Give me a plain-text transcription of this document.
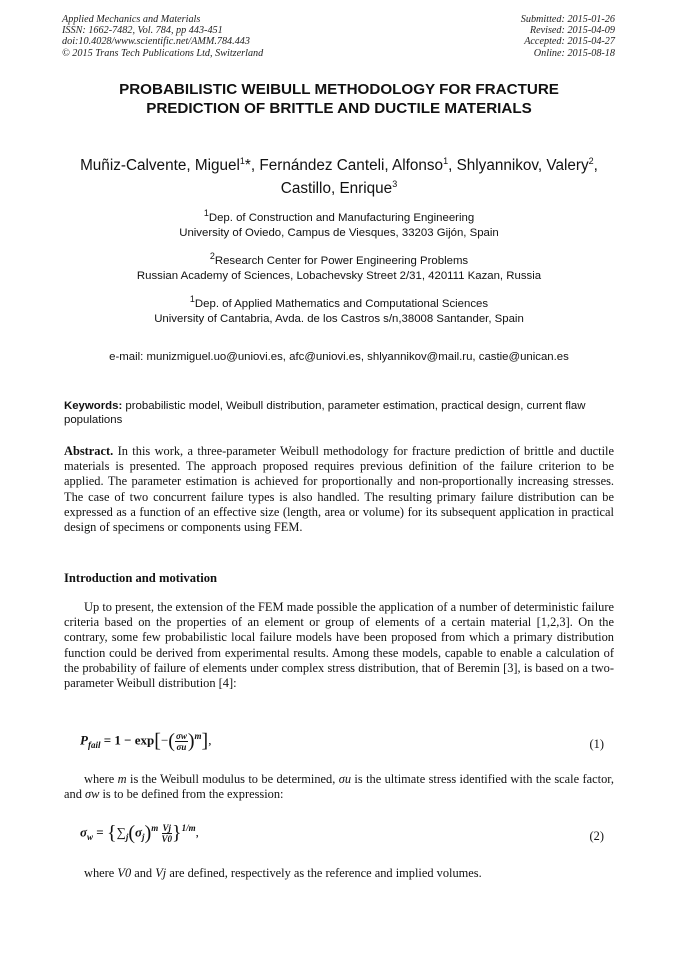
Applied Mechanics and Materials
ISSN: 1662-7482, Vol. 784, pp 443-451
doi:10.4028/www.scientific.net/AMM.784.443
© 2015 Trans Tech Publications Ltd, Switzerland
Submitted: 2015-01-26
Revised: 2015-04-09
Accepted: 2015-04-27
Online: 2015-08-18
PROBABILISTIC WEIBULL METHODOLOGY FOR FRACTURE
PREDICTION OF BRITTLE AND DUCTILE MATERIALS
Muñiz-Calvente, Miguel$^1$*, Fernández Canteli, Alfonso$^1$, Shlyannikov, Valery$^2$,
Castillo, Enrique$^3$
$^1$Dep. of Construction and Manufacturing Engineering
University of Oviedo, Campus de Viesques, 33203 Gijón, Spain
$^2$Research Center for Power Engineering Problems
Russian Academy of Sciences, Lobachevsky Street 2/31, 420111 Kazan, Russia
$^1$Dep. of Applied Mathematics and Computational Sciences
University of Cantabria, Avda. de los Castros s/n,38008 Santander, Spain
e-mail: munizmiguel.uo@uniovi.es, afc@uniovi.es, shlyannikov@mail.ru, castie@unican.es
Keywords: probabilistic model, Weibull distribution, parameter estimation, practical design, current flaw populations
Abstract. In this work, a three-parameter Weibull methodology for fracture prediction of brittle and ductile materials is presented. The approach proposed requires previous definition of the failure criterion to be applied. The parameter estimation is achieved for proportionally and non-proportionally increasing stresses. The case of two concurrent failure types is also handled. The resulting primary failure distribution can be expressed as a function of an effective size (length, area or volume) for its subsequent application in practical design of specimens or components using FEM.
Introduction and motivation
Up to present, the extension of the FEM made possible the application of a number of deterministic failure criteria based on the properties of an element or group of elements of a certain material [1,2,3]. On the contrary, some few probabilistic local failure models have been proposed from which a primary distribution function could be derived from experimental results. Among these models, capable to enable a calculation of the probability of failure of elements under complex stress distribution, that of Beremin [3], is based on a two-parameter Weibull distribution [4]:
$P_{fail} = 1 - \exp[-( \frac{\sigma w}{\sigma u} )^m]$,	(1)
where m is the Weibull modulus to be determined, σu is the ultimate stress identified with the scale factor, and σw is to be defined from the expression:
$\sigma_w = \{\sum_j(\sigma_j)^m \frac{Vj}{V0} \}^{1/m}$,	(2)
where V0 and Vj are defined, respectively as the reference and implied volumes.
